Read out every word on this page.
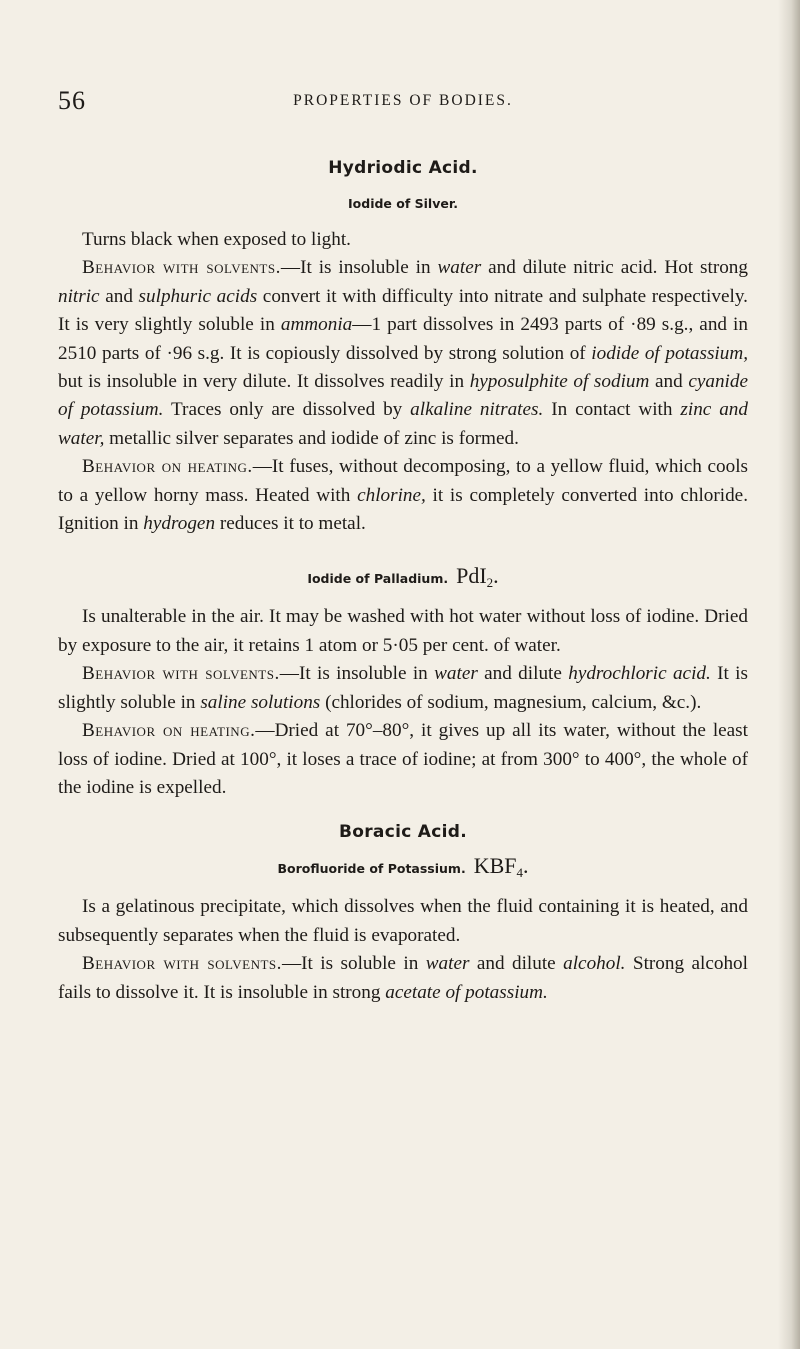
56	PROPERTIES OF BODIES.
Hydriodic Acid.
Iodide of Silver.

Turns black when exposed to light.

Behavior with solvents.—It is insoluble in water and dilute nitric acid. Hot strong nitric and sulphuric acids convert it with difficulty into nitrate and sulphate respectively. It is very slightly soluble in ammonia—1 part dissolves in 2493 parts of ·89 s.g., and in 2510 parts of ·96 s.g. It is copiously dissolved by strong solution of iodide of potassium, but is insoluble in very dilute. It dissolves readily in hyposulphite of sodium and cyanide of potassium. Traces only are dissolved by alkaline nitrates. In contact with zinc and water, metallic silver separates and iodide of zinc is formed.

Behavior on heating.—It fuses, without decomposing, to a yellow fluid, which cools to a yellow horny mass. Heated with chlorine, it is completely converted into chloride. Ignition in hydrogen reduces it to metal.

Iodide of Palladium. PdI$_2$.

Is unalterable in the air. It may be washed with hot water without loss of iodine. Dried by exposure to the air, it retains 1 atom or 5·05 per cent. of water.

Behavior with solvents.—It is insoluble in water and dilute hydrochloric acid. It is slightly soluble in saline solutions (chlorides of sodium, magnesium, calcium, &c.).

Behavior on heating.—Dried at 70°–80°, it gives up all its water, without the least loss of iodine. Dried at 100°, it loses a trace of iodine; at from 300° to 400°, the whole of the iodine is expelled.

Boracic Acid.
Borofluoride of Potassium. $KBF_4$.

Is a gelatinous precipitate, which dissolves when the fluid containing it is heated, and subsequently separates when the fluid is evaporated.

Behavior with solvents.—It is soluble in water and dilute alcohol. Strong alcohol fails to dissolve it. It is insoluble in strong acetate of potassium.
